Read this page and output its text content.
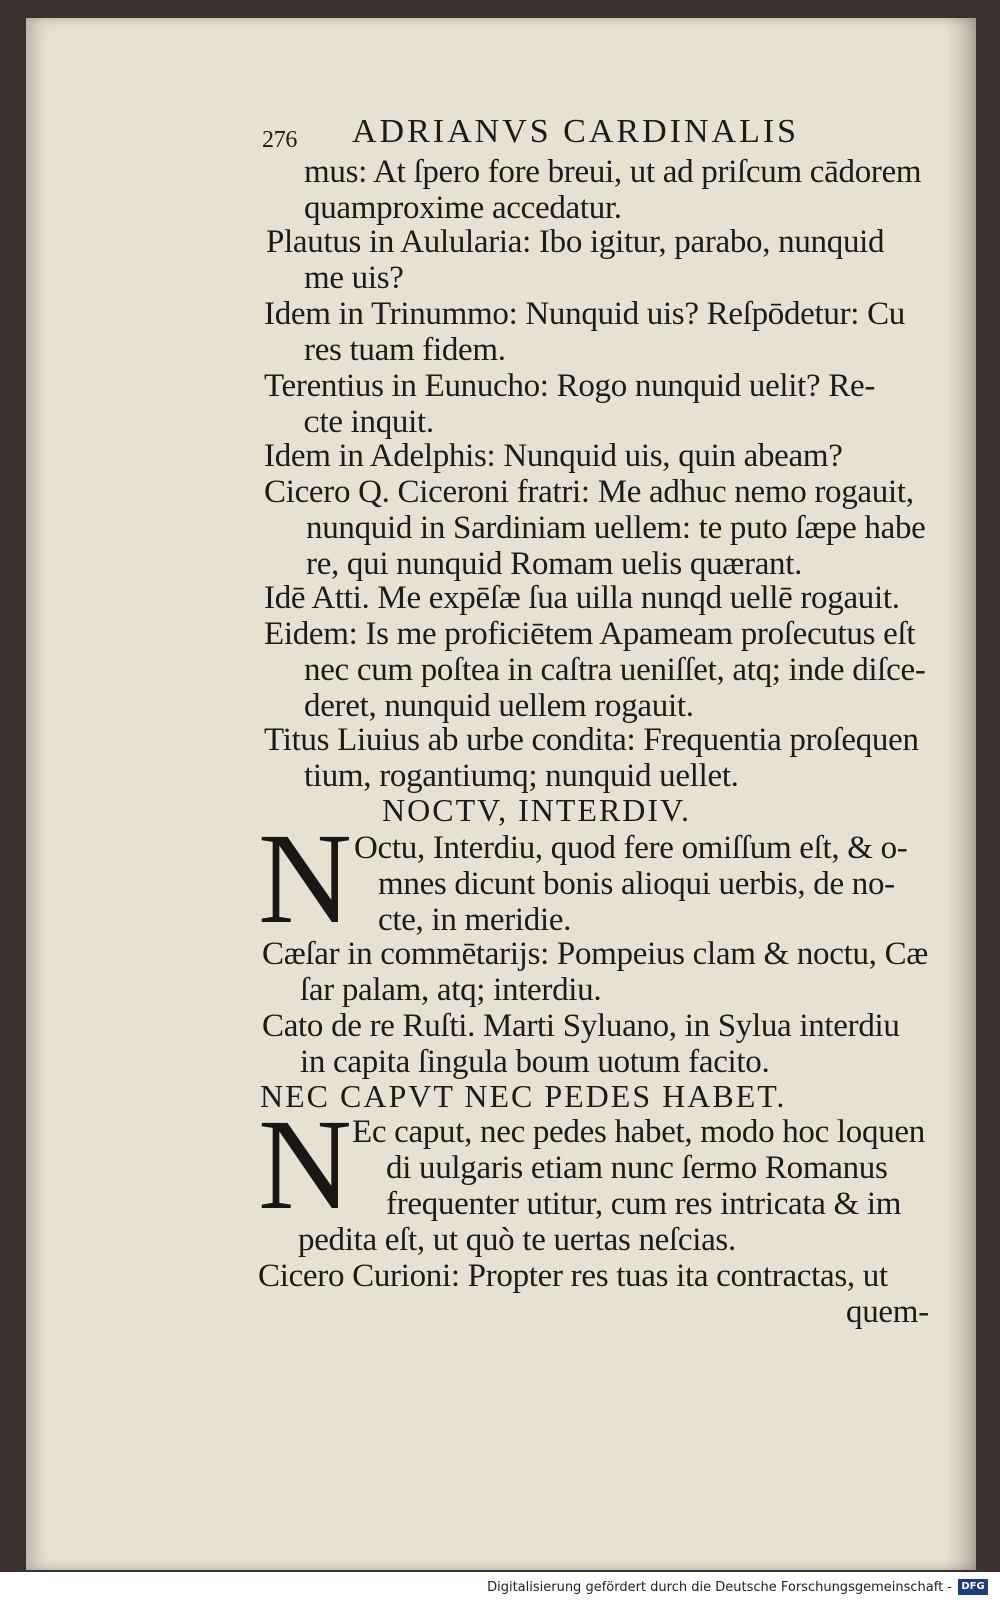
276 ADRIANVS CARDINALIS
mus: At ſpero fore breui, ut ad priſcum cādorem
quamproxime accedatur.
Plautus in Aulularia: Ibo igitur, parabo, nunquid
me uis?
Idem in Trinummo: Nunquid uis? Reſpōdetur: Cu
res tuam fidem.
Terentius in Eunucho: Rogo nunquid uelit? Re-
ᴄte inquit.
Idem in Adelphis: Nunquid uis, quin abeam?
Cicero Q. Ciceroni fratri: Me adhuc nemo rogauit,
nunquid in Sardiniam uellem: te puto ſæpe habe
re, qui nunquid Romam uelis quærant.
Idē Atti. Me expēſæ ſua uilla nunqd uellē rogauit.
Eidem: Is me proficiētem Apameam proſecutus eſt
nec cum poſtea in caſtra ueniſſet, atq; inde diſce-
deret, nunquid uellem rogauit.
Titus Liuius ab urbe condita: Frequentia proſequen
tium, rogantiumq; nunquid uellet.
NOCTV, INTERDIV.
N Octu, Interdiu, quod fere omiſſum eſt, & o-
mnes dicunt bonis alioqui uerbis, de no-
cte, in meridie.
Cæſar in commētarijs: Pompeius clam & noctu, Cæ
ſar palam, atq; interdiu.
Cato de re Ruſti. Marti Syluano, in Sylua interdiu
in capita ſingula boum uotum facito.
NEC CAPVT NEC PEDES HABET.
N Ec caput, nec pedes habet, modo hoc loquen
di uulgaris etiam nunc ſermo Romanus
frequenter utitur, cum res intricata & im
pedita eſt, ut quò te uertas neſcias.
Cicero Curioni: Propter res tuas ita contractas, ut
quem-
Digitalisierung gefördert durch die Deutsche Forschungsgemeinschaft - DFG
